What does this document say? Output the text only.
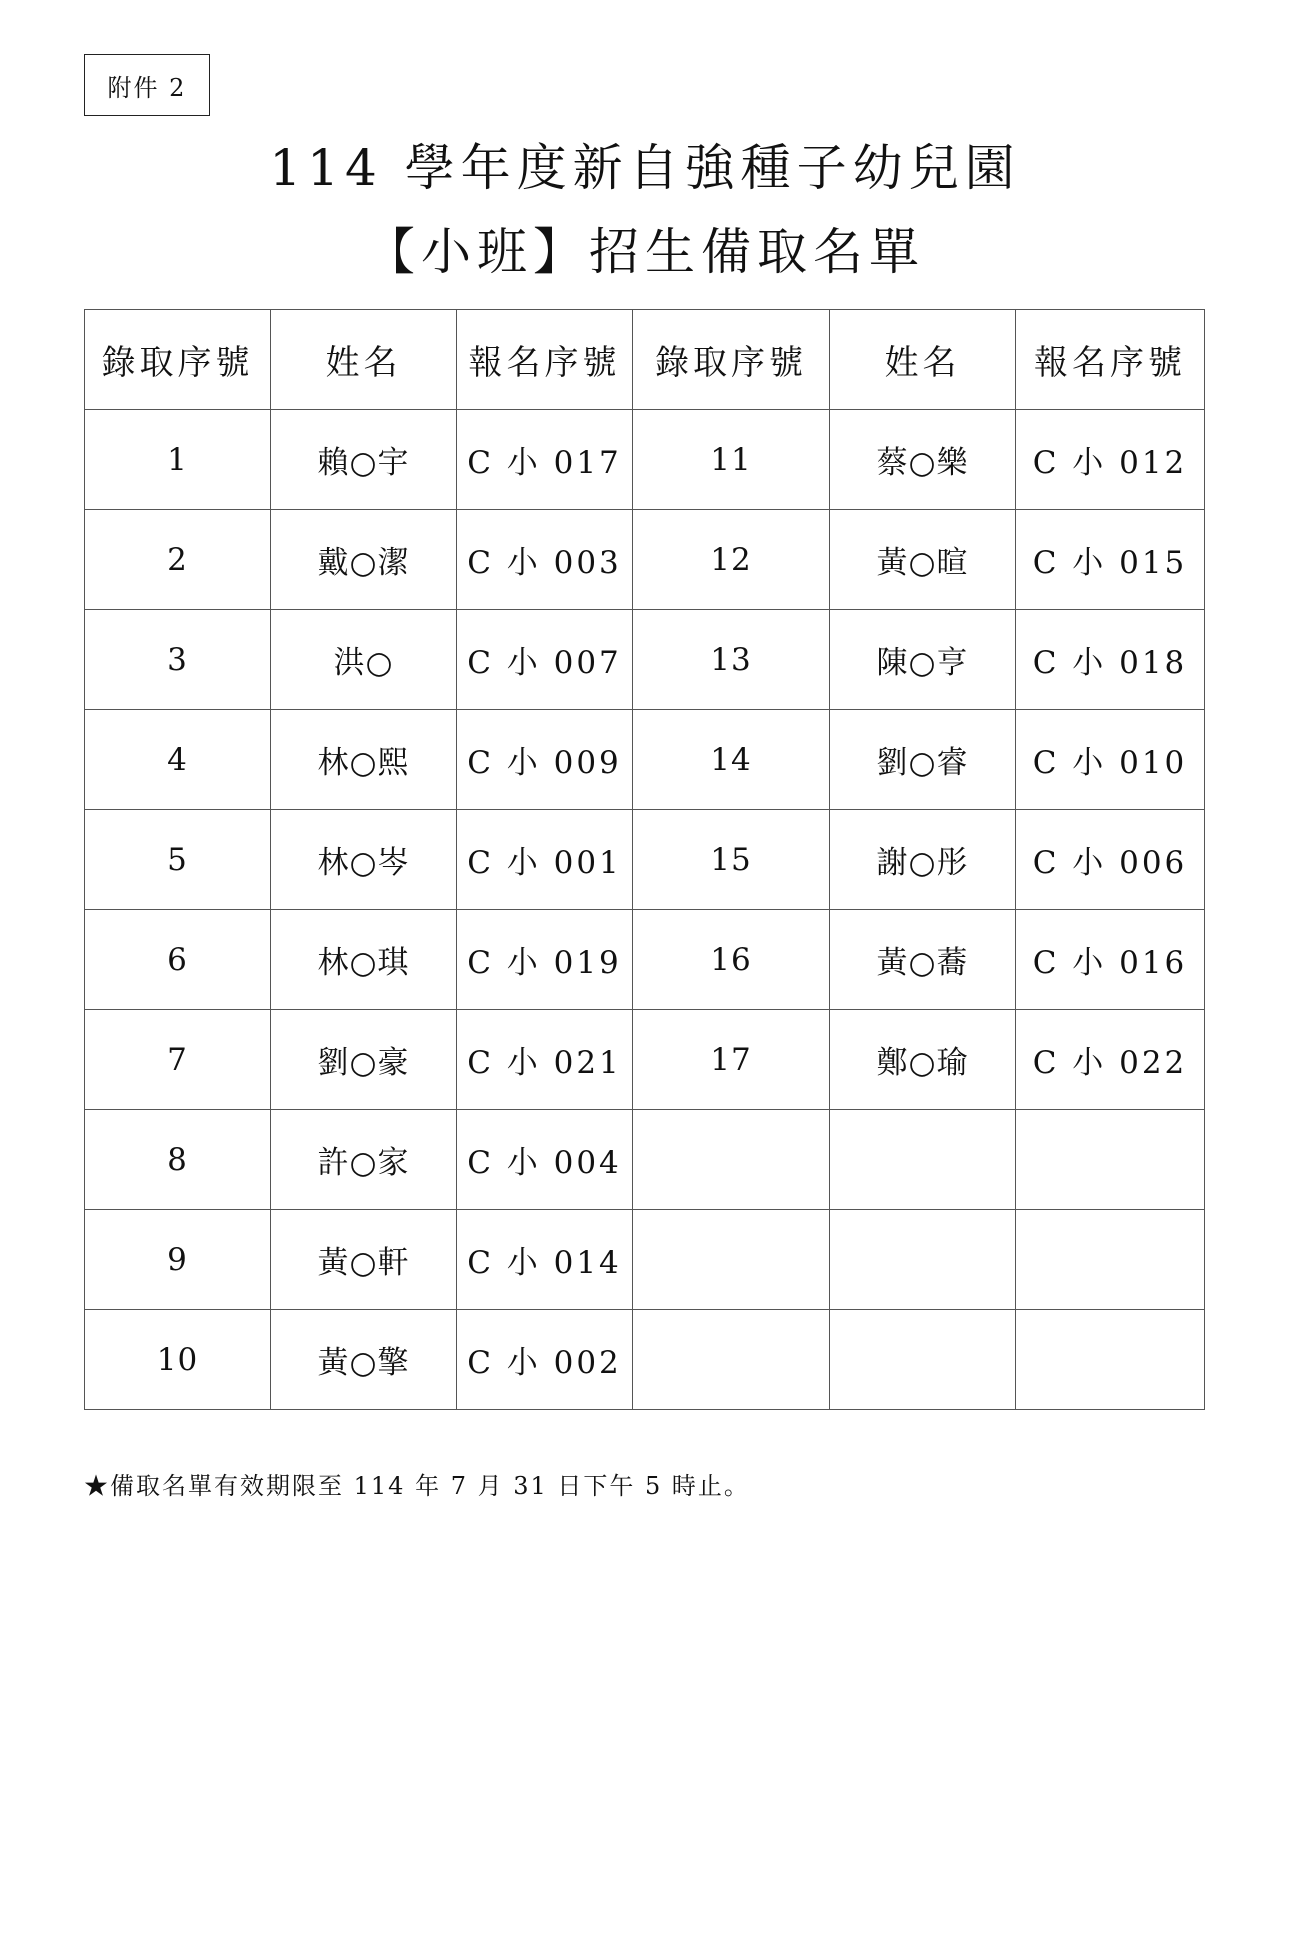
附件 2
114 學年度新自強種子幼兒園
【小班】招生備取名單
錄取序號	姓名	報名序號	錄取序號	姓名	報名序號
1	賴○宇	C 小 017	11	蔡○樂	C 小 012
2	戴○潔	C 小 003	12	黃○暄	C 小 015
3	洪○	C 小 007	13	陳○亨	C 小 018
4	林○熙	C 小 009	14	劉○睿	C 小 010
5	林○岑	C 小 001	15	謝○彤	C 小 006
6	林○琪	C 小 019	16	黃○蕎	C 小 016
7	劉○豪	C 小 021	17	鄭○瑜	C 小 022
8	許○家	C 小 004			
9	黃○軒	C 小 014			
10	黃○擎	C 小 002			
★備取名單有效期限至 114 年 7 月 31 日下午 5 時止。
